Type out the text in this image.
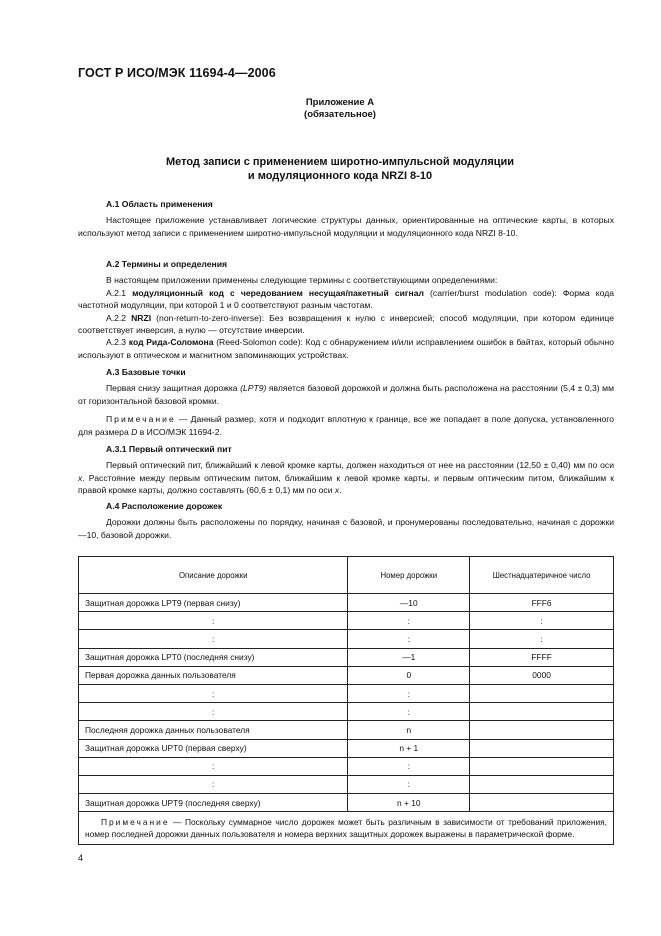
ГОСТ Р ИСО/МЭК 11694-4—2006
Приложение А
(обязательное)
Метод записи с применением широтно-импульсной модуляции
и модуляционного кода NRZI 8-10
А.1 Область применения
Настоящее приложение устанавливает логические структуры данных, ориентированные на оптические карты, в которых используют метод записи с применением широтно-импульсной модуляции и модуляционного кода NRZI 8-10.
А.2 Термины и определения
В настоящем приложении применены следующие термины с соответствующими определениями:
А.2.1 модуляционный код с чередованием несущая/пакетный сигнал (carrier/burst modulation code): Форма кода частотной модуляции, при которой 1 и 0 соответствуют разным частотам.
А.2.2 NRZI (non-return-to-zero-inverse): Без возвращения к нулю с инверсией; способ модуляции, при котором единице соответствует инверсия, а нулю — отсутствие инверсии.
А.2.3 код Рида-Соломона (Reed-Solomon code): Код с обнаружением и/или исправлением ошибок в байтах, который обычно используют в оптическом и магнитном запоминающих устройствах.
А.3 Базовые точки
Первая снизу защитная дорожка (LPT9) является базовой дорожкой и должна быть расположена на расстоянии (5,4 ± 0,3) мм от горизонтальной базовой кромки.
Примечание — Данный размер, хотя и подходит вплотную к границе, все же попадает в поле допуска, установленного для размера D в ИСО/МЭК 11694-2.
А.3.1 Первый оптический пит
Первый оптический пит, ближайший к левой кромке карты, должен находиться от нее на расстоянии (12,50 ± 0,40) мм по оси x. Расстояние между первым оптическим питом, ближайшим к левой кромке карты, и первым оптическим питом, ближайшим к правой кромке карты, должно составлять (60,6 ± 0,1) мм по оси x.
А.4 Расположение дорожек
Дорожки должны быть расположены по порядку, начиная с базовой, и пронумерованы последовательно, начиная с дорожки —10, базовой дорожки.
Описание дорожки	Номер дорожки	Шестнадцатеричное число
Защитная дорожка LPT9 (первая снизу)	—10	FFF6
:	:	:
:	:	:
Защитная дорожка LPT0 (последняя снизу)	—1	FFFF
Первая дорожка данных пользователя	0	0000
:	:	
:	:	
Последняя дорожка данных пользователя	n	
Защитная дорожка UPT0 (первая сверху)	n + 1	
:	:	
:	:	
Защитная дорожка UPT9 (последняя сверху)	n + 10	
Примечание — Поскольку суммарное число дорожек может быть различным в зависимости от требований приложения, номер последней дорожки данных пользователя и номера верхних защитных дорожек выражены в параметрической форме.		
4
